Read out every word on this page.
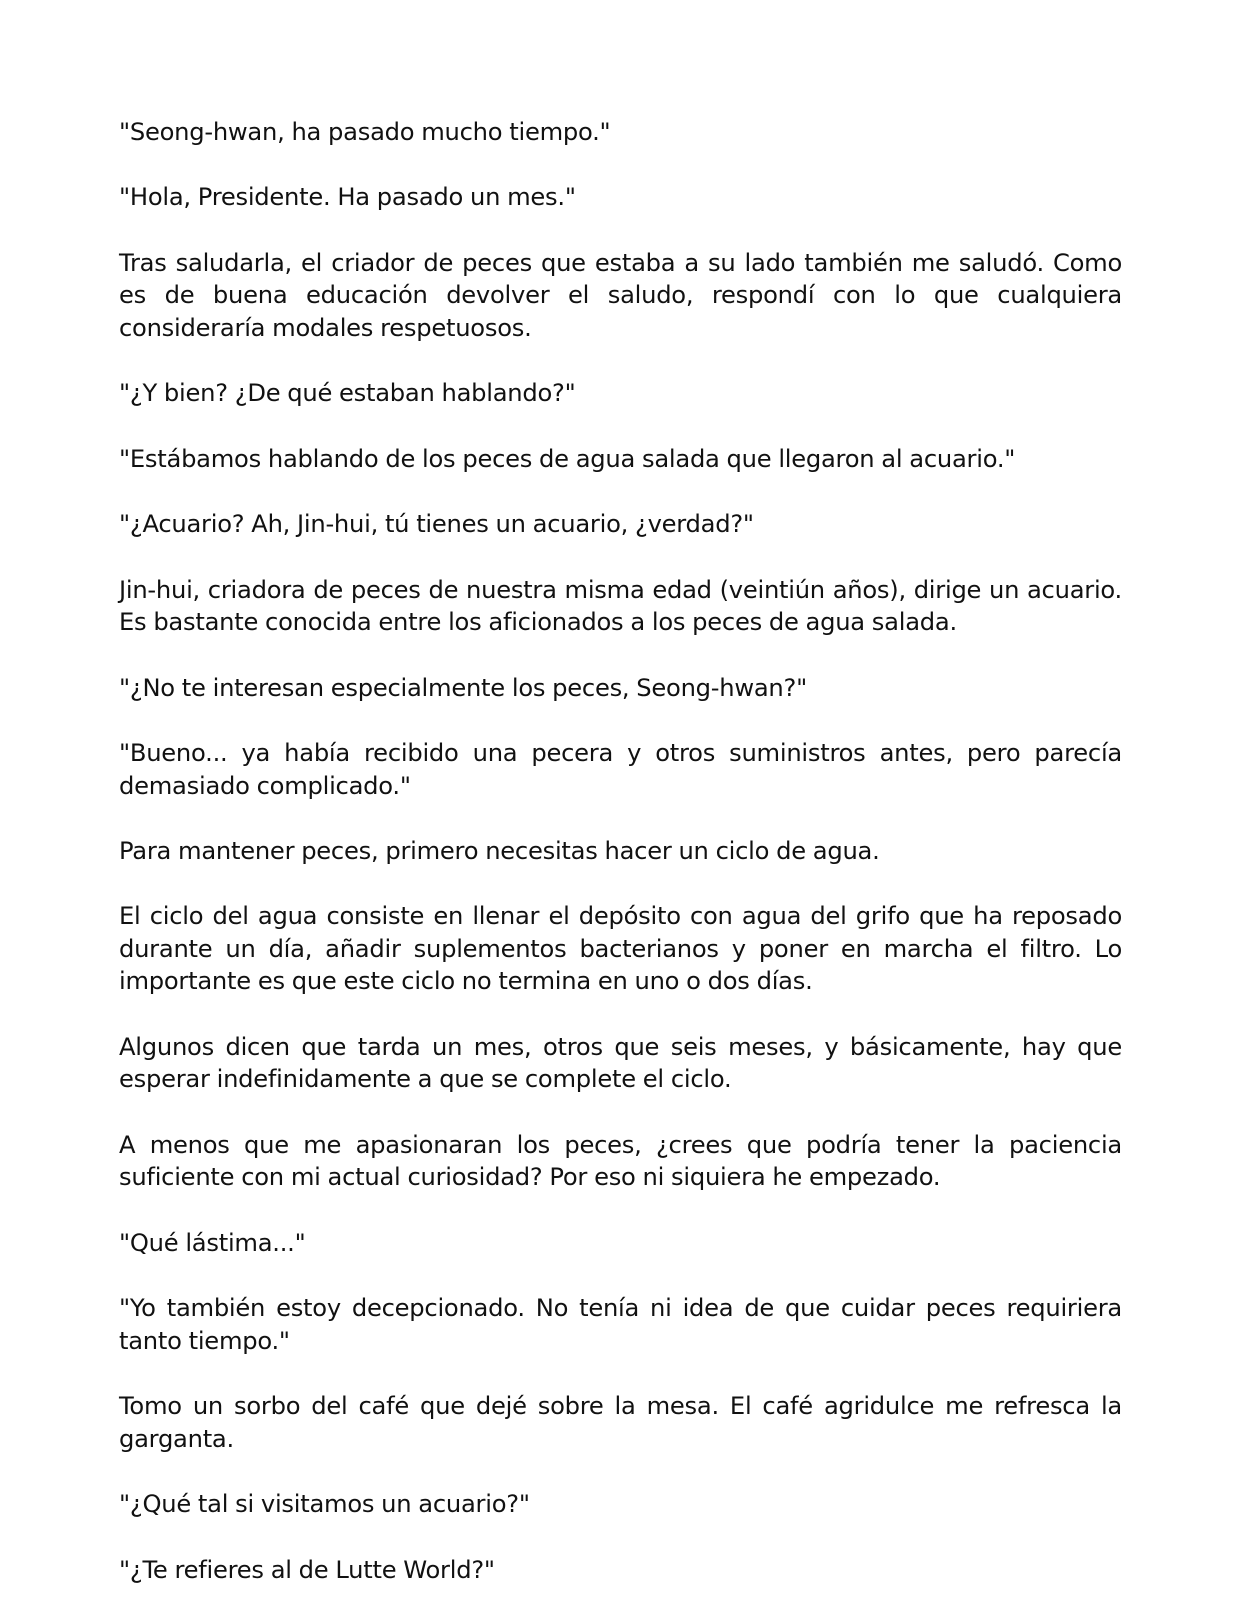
"Seong-hwan, ha pasado mucho tiempo."

"Hola, Presidente. Ha pasado un mes."

Tras saludarla, el criador de peces que estaba a su lado también me saludó. Como es de buena educación devolver el saludo, respondí con lo que cualquiera consideraría modales respetuosos.

"¿Y bien? ¿De qué estaban hablando?"

"Estábamos hablando de los peces de agua salada que llegaron al acuario."

"¿Acuario? Ah, Jin-hui, tú tienes un acuario, ¿verdad?"

Jin-hui, criadora de peces de nuestra misma edad (veintiún años), dirige un acuario. Es bastante conocida entre los aficionados a los peces de agua salada.

"¿No te interesan especialmente los peces, Seong-hwan?"

"Bueno... ya había recibido una pecera y otros suministros antes, pero parecía demasiado complicado."

Para mantener peces, primero necesitas hacer un ciclo de agua.

El ciclo del agua consiste en llenar el depósito con agua del grifo que ha reposado durante un día, añadir suplementos bacterianos y poner en marcha el filtro. Lo importante es que este ciclo no termina en uno o dos días.

Algunos dicen que tarda un mes, otros que seis meses, y básicamente, hay que esperar indefinidamente a que se complete el ciclo.

A menos que me apasionaran los peces, ¿crees que podría tener la paciencia suficiente con mi actual curiosidad? Por eso ni siquiera he empezado.

"Qué lástima..."

"Yo también estoy decepcionado. No tenía ni idea de que cuidar peces requiriera tanto tiempo."

Tomo un sorbo del café que dejé sobre la mesa. El café agridulce me refresca la garganta.

"¿Qué tal si visitamos un acuario?"

"¿Te refieres al de Lutte World?"
